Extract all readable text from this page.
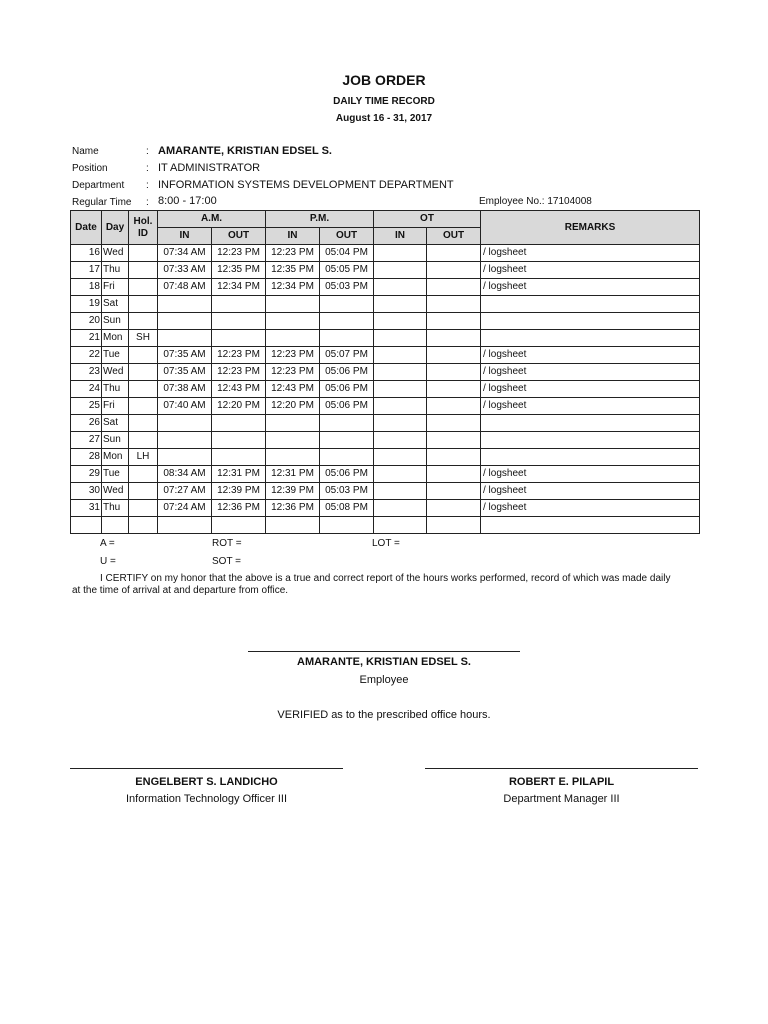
JOB ORDER
DAILY TIME RECORD
August 16 - 31, 2017
Name	: AMARANTE, KRISTIAN EDSEL S.
Position	: IT ADMINISTRATOR
Department : INFORMATION SYSTEMS DEVELOPMENT DEPARTMENT
Regular Time : 8:00 - 17:00	Employee No.: 17104008
Date	Day	Hol. ID	A.M.		P.M.		OT		REMARKS
			IN	OUT	IN	OUT	IN	OUT	
16	Wed		07:34 AM	12:23 PM	12:23 PM	05:04 PM			/ logsheet
17	Thu		07:33 AM	12:35 PM	12:35 PM	05:05 PM			/ logsheet
18	Fri		07:48 AM	12:34 PM	12:34 PM	05:03 PM			/ logsheet
19	Sat								
20	Sun								
21	Mon	SH							
22	Tue		07:35 AM	12:23 PM	12:23 PM	05:07 PM			/ logsheet
23	Wed		07:35 AM	12:23 PM	12:23 PM	05:06 PM			/ logsheet
24	Thu		07:38 AM	12:43 PM	12:43 PM	05:06 PM			/ logsheet
25	Fri		07:40 AM	12:20 PM	12:20 PM	05:06 PM			/ logsheet
26	Sat								
27	Sun								
28	Mon	LH							
29	Tue		08:34 AM	12:31 PM	12:31 PM	05:06 PM			/ logsheet
30	Wed		07:27 AM	12:39 PM	12:39 PM	05:03 PM			/ logsheet
31	Thu		07:24 AM	12:36 PM	12:36 PM	05:08 PM			/ logsheet

A =	ROT =	LOT =
U =	SOT =
I CERTIFY on my honor that the above is a true and correct report of the hours works performed, record of which was made daily
at the time of arrival at and departure from office.
AMARANTE, KRISTIAN EDSEL S.
Employee
VERIFIED as to the prescribed office hours.
ENGELBERT S. LANDICHO
Information Technology Officer III
ROBERT E. PILAPIL
Department Manager III
